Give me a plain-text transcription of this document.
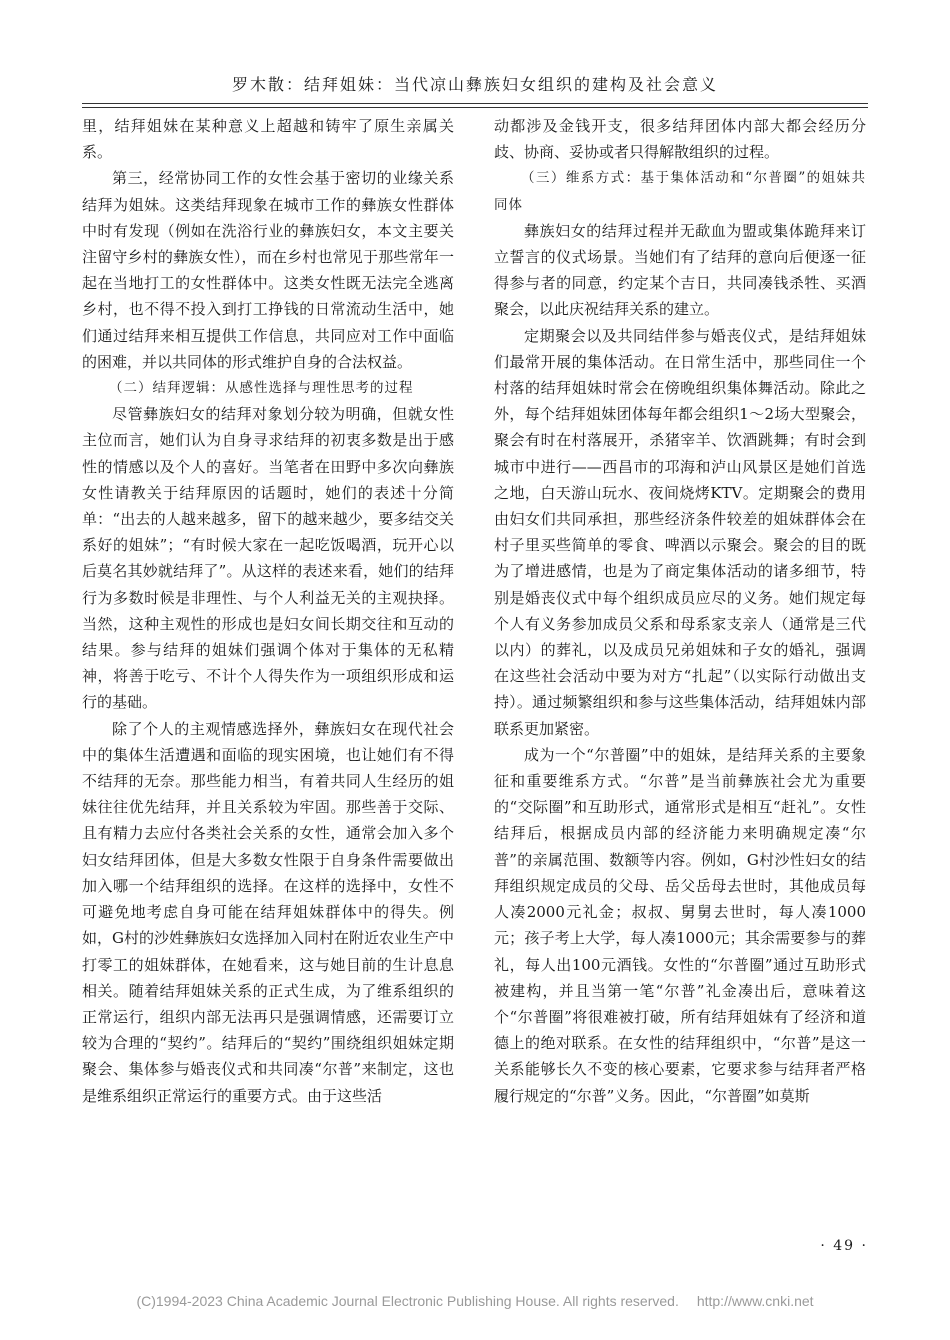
罗木散：结拜姐妹：当代凉山彝族妇女组织的建构及社会意义

里，结拜姐妹在某种意义上超越和铸牢了原生亲属关系。

第三，经常协同工作的女性会基于密切的业缘关系结拜为姐妹。这类结拜现象在城市工作的彝族女性群体中时有发现（例如在洗浴行业的彝族妇女，本文主要关注留守乡村的彝族女性），而在乡村也常见于那些常年一起在当地打工的女性群体中。这类女性既无法完全逃离乡村，也不得不投入到打工挣钱的日常流动生活中，她们通过结拜来相互提供工作信息，共同应对工作中面临的困难，并以共同体的形式维护自身的合法权益。

（二）结拜逻辑：从感性选择与理性思考的过程

尽管彝族妇女的结拜对象划分较为明确，但就女性主位而言，她们认为自身寻求结拜的初衷多数是出于感性的情感以及个人的喜好。当笔者在田野中多次向彝族女性请教关于结拜原因的话题时，她们的表述十分简单：“出去的人越来越多，留下的越来越少，要多结交关系好的姐妹”；“有时候大家在一起吃饭喝酒，玩开心以后莫名其妙就结拜了”。从这样的表述来看，她们的结拜行为多数时候是非理性、与个人利益无关的主观抉择。当然，这种主观性的形成也是妇女间长期交往和互动的结果。参与结拜的姐妹们强调个体对于集体的无私精神，将善于吃亏、不计个人得失作为一项组织形成和运行的基础。

除了个人的主观情感选择外，彝族妇女在现代社会中的集体生活遭遇和面临的现实困境，也让她们有不得不结拜的无奈。那些能力相当，有着共同人生经历的姐妹往往优先结拜，并且关系较为牢固。那些善于交际、且有精力去应付各类社会关系的女性，通常会加入多个妇女结拜团体，但是大多数女性限于自身条件需要做出加入哪一个结拜组织的选择。在这样的选择中，女性不可避免地考虑自身可能在结拜姐妹群体中的得失。例如，G村的沙姓彝族妇女选择加入同村在附近农业生产中打零工的姐妹群体，在她看来，这与她目前的生计息息相关。随着结拜姐妹关系的正式生成，为了维系组织的正常运行，组织内部无法再只是强调情感，还需要订立较为合理的“契约”。结拜后的“契约”围绕组织姐妹定期聚会、集体参与婚丧仪式和共同凑“尔普”来制定，这也是维系组织正常运行的重要方式。由于这些活

动都涉及金钱开支，很多结拜团体内部大都会经历分歧、协商、妥协或者只得解散组织的过程。

（三）维系方式：基于集体活动和“尔普圈”的姐妹共同体

彝族妇女的结拜过程并无歃血为盟或集体跪拜来订立誓言的仪式场景。当她们有了结拜的意向后便逐一征得参与者的同意，约定某个吉日，共同凑钱杀牲、买酒聚会，以此庆祝结拜关系的建立。

定期聚会以及共同结伴参与婚丧仪式，是结拜姐妹们最常开展的集体活动。在日常生活中，那些同住一个村落的结拜姐妹时常会在傍晚组织集体舞活动。除此之外，每个结拜姐妹团体每年都会组织1～2场大型聚会，聚会有时在村落展开，杀猪宰羊、饮酒跳舞；有时会到城市中进行——西昌市的邛海和泸山风景区是她们首选之地，白天游山玩水、夜间烧烤KTV。定期聚会的费用由妇女们共同承担，那些经济条件较差的姐妹群体会在村子里买些简单的零食、啤酒以示聚会。聚会的目的既为了增进感情，也是为了商定集体活动的诸多细节，特别是婚丧仪式中每个组织成员应尽的义务。她们规定每个人有义务参加成员父系和母系家支亲人（通常是三代以内）的葬礼，以及成员兄弟姐妹和子女的婚礼，强调在这些社会活动中要为对方“扎起”（以实际行动做出支持）。通过频繁组织和参与这些集体活动，结拜姐妹内部联系更加紧密。

成为一个“尔普圈”中的姐妹，是结拜关系的主要象征和重要维系方式。“尔普”是当前彝族社会尤为重要的“交际圈”和互助形式，通常形式是相互“赶礼”。女性结拜后，根据成员内部的经济能力来明确规定凑“尔普”的亲属范围、数额等内容。例如，G村沙性妇女的结拜组织规定成员的父母、岳父岳母去世时，其他成员每人凑2000元礼金；叔叔、舅舅去世时，每人凑1000元；孩子考上大学，每人凑1000元；其余需要参与的葬礼，每人出100元酒钱。女性的“尔普圈”通过互助形式被建构，并且当第一笔“尔普”礼金凑出后，意味着这个“尔普圈”将很难被打破，所有结拜姐妹有了经济和道德上的绝对联系。在女性的结拜组织中，“尔普”是这一关系能够长久不变的核心要素，它要求参与结拜者严格履行规定的“尔普”义务。因此，“尔普圈”如莫斯

· 49 ·
(C)1994-2023 China Academic Journal Electronic Publishing House. All rights reserved. http://www.cnki.net
